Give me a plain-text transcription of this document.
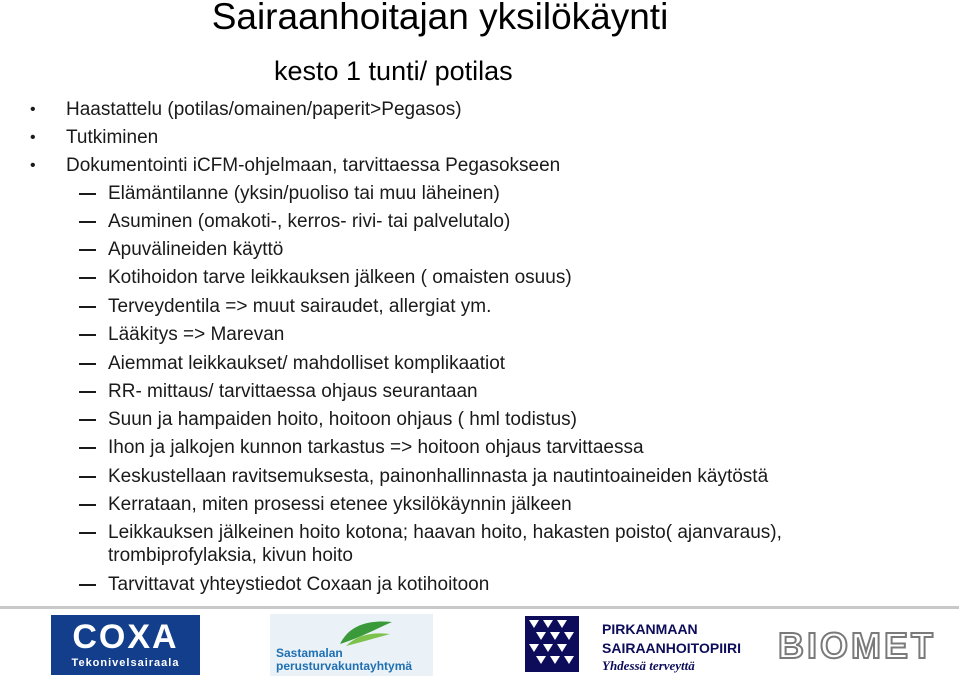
Sairaanhoitajan yksilökäynti
kesto 1 tunti/ potilas
• Haastattelu (potilas/omainen/paperit>Pegasos)
• Tutkiminen
• Dokumentointi iCFM-ohjelmaan, tarvittaessa Pegasokseen
Elämäntilanne (yksin/puoliso tai muu läheinen)
Asuminen (omakoti-, kerros- rivi- tai palvelutalo)
Apuvälineiden käyttö
Kotihoidon tarve leikkauksen jälkeen ( omaisten osuus)
Terveydentila => muut sairaudet, allergiat ym.
Lääkitys => Marevan
Aiemmat leikkaukset/ mahdolliset komplikaatiot
RR- mittaus/ tarvittaessa ohjaus seurantaan
Suun ja hampaiden hoito, hoitoon ohjaus ( hml todistus)
Ihon ja jalkojen kunnon tarkastus => hoitoon ohjaus tarvittaessa
Keskustellaan ravitsemuksesta, painonhallinnasta ja nautintoaineiden käytöstä
Kerrataan, miten prosessi etenee yksilökäynnin jälkeen
Leikkauksen jälkeinen hoito kotona; haavan hoito, hakasten poisto( ajanvaraus), trombiprofylaksia, kivun hoito
Tarvittavat yhteystiedot Coxaan ja kotihoitoon
COXA
Tekonivelsairaala
Sastamalan
perusturvakuntayhtymä
PIRKANMAAN
SAIRAANHOITOPIIRI
Yhdessä terveyttä BIOMET
